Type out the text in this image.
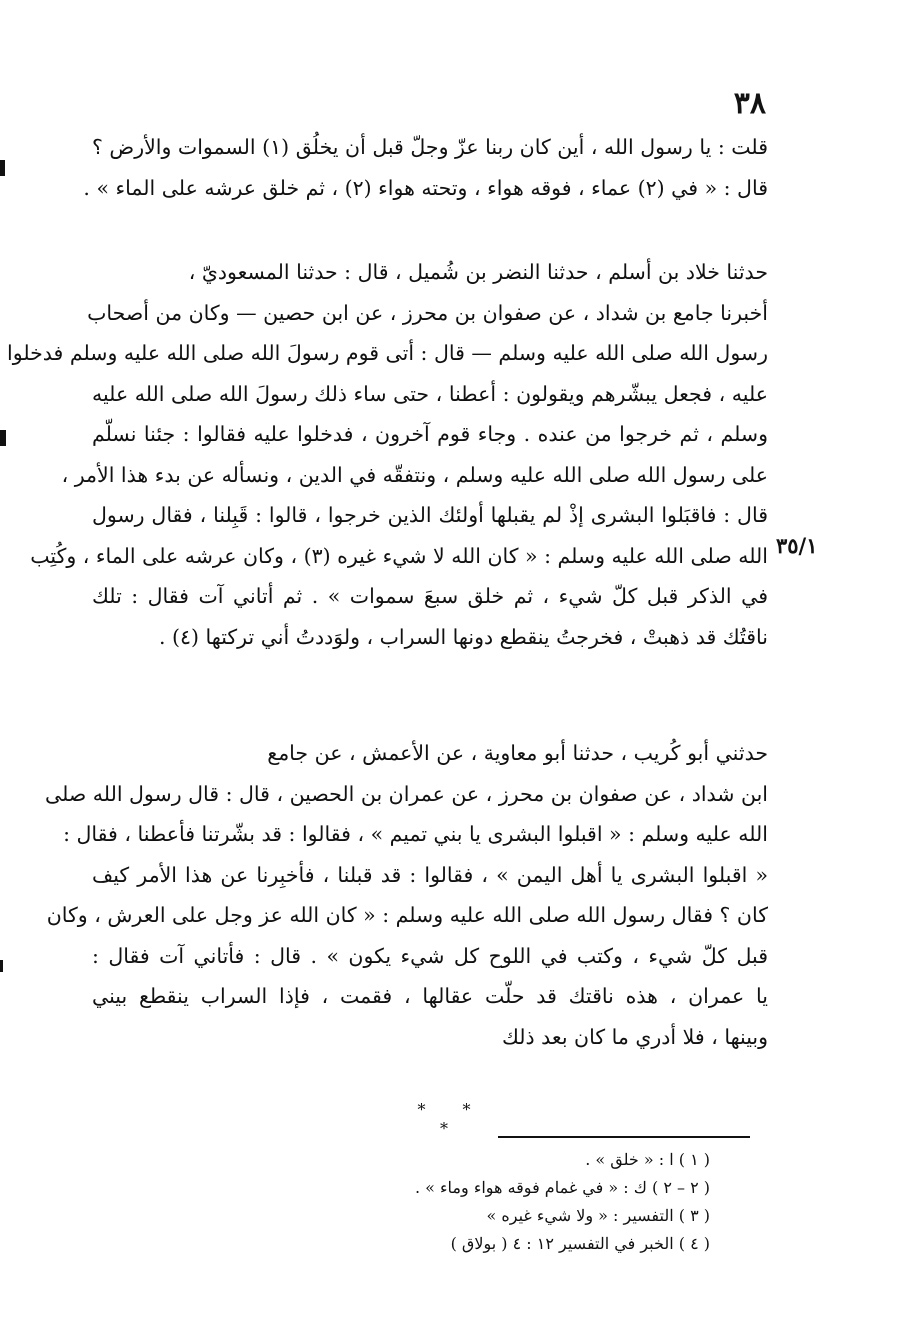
٣٨
قلت : يا رسول الله ، أين كان ربنا عزّ وجلّ قبل أن يخلُق (١) السموات والأرض ؟
قال : « في (٢) عماء ، فوقه هواء ، وتحته هواء (٢) ، ثم خلق عرشه على الماء » .
حدثنا خلاد بن أسلم ، حدثنا النضر بن شُميل ، قال : حدثنا المسعوديّ ،
أخبرنا جامع بن شداد ، عن صفوان بن محرز ، عن ابن حصين — وكان من أصحاب
رسول الله صلى الله عليه وسلم — قال : أتى قوم رسولَ الله صلى الله عليه وسلم فدخلوا
عليه ، فجعل يبشّرهم ويقولون : أعطنا ، حتى ساء ذلك رسولَ الله صلى الله عليه
وسلم ، ثم خرجوا من عنده . وجاء قوم آخرون ، فدخلوا عليه فقالوا : جئنا نسلّم
على رسول الله صلى الله عليه وسلم ، ونتفقّه في الدين ، ونسأله عن بدء هذا الأمر ،
قال : فاقبَلوا البشرى إذْ لم يقبلها أولئك الذين خرجوا ، قالوا : قَبِلنا ، فقال رسول
الله صلى الله عليه وسلم : « كان الله لا شيء غيره (٣) ، وكان عرشه على الماء ، وكُتِب
في الذكر قبل كلّ شيء ، ثم خلق سبعَ سموات » . ثم أتاني آت فقال : تلك
ناقتُك قد ذهبتْ ، فخرجتُ ينقطع دونها السراب ، ولوَددتُ أني تركتها (٤) .
٣٥/١
حدثني أبو كُريب ، حدثنا أبو معاوية ، عن الأعمش ، عن جامع
ابن شداد ، عن صفوان بن محرز ، عن عمران بن الحصين ، قال : قال رسول الله صلى
الله عليه وسلم : « اقبلوا البشرى يا بني تميم » ، فقالوا : قد بشّرتنا فأعطنا ، فقال :
« اقبلوا البشرى يا أهل اليمن » ، فقالوا : قد قبلنا ، فأخبِرنا عن هذا الأمر كيف
كان ؟ فقال رسول الله صلى الله عليه وسلم : « كان الله عز وجل على العرش ، وكان
قبل كلّ شيء ، وكتب في اللوح كل شيء يكون » . قال : فأتاني آت فقال :
يا عمران ، هذه ناقتك قد حلّت عقالها ، فقمت ، فإذا السراب ينقطع بيني
وبينها ، فلا أدري ما كان بعد ذلك
* * *
( ١ ) ا : « خلق » .
( ٢ – ٢ ) ك : « في غمام فوقه هواء وماء » .
( ٣ ) التفسير : « ولا شيء غيره »
( ٤ ) الخبر في التفسير ١٢ : ٤ ( بولاق )
